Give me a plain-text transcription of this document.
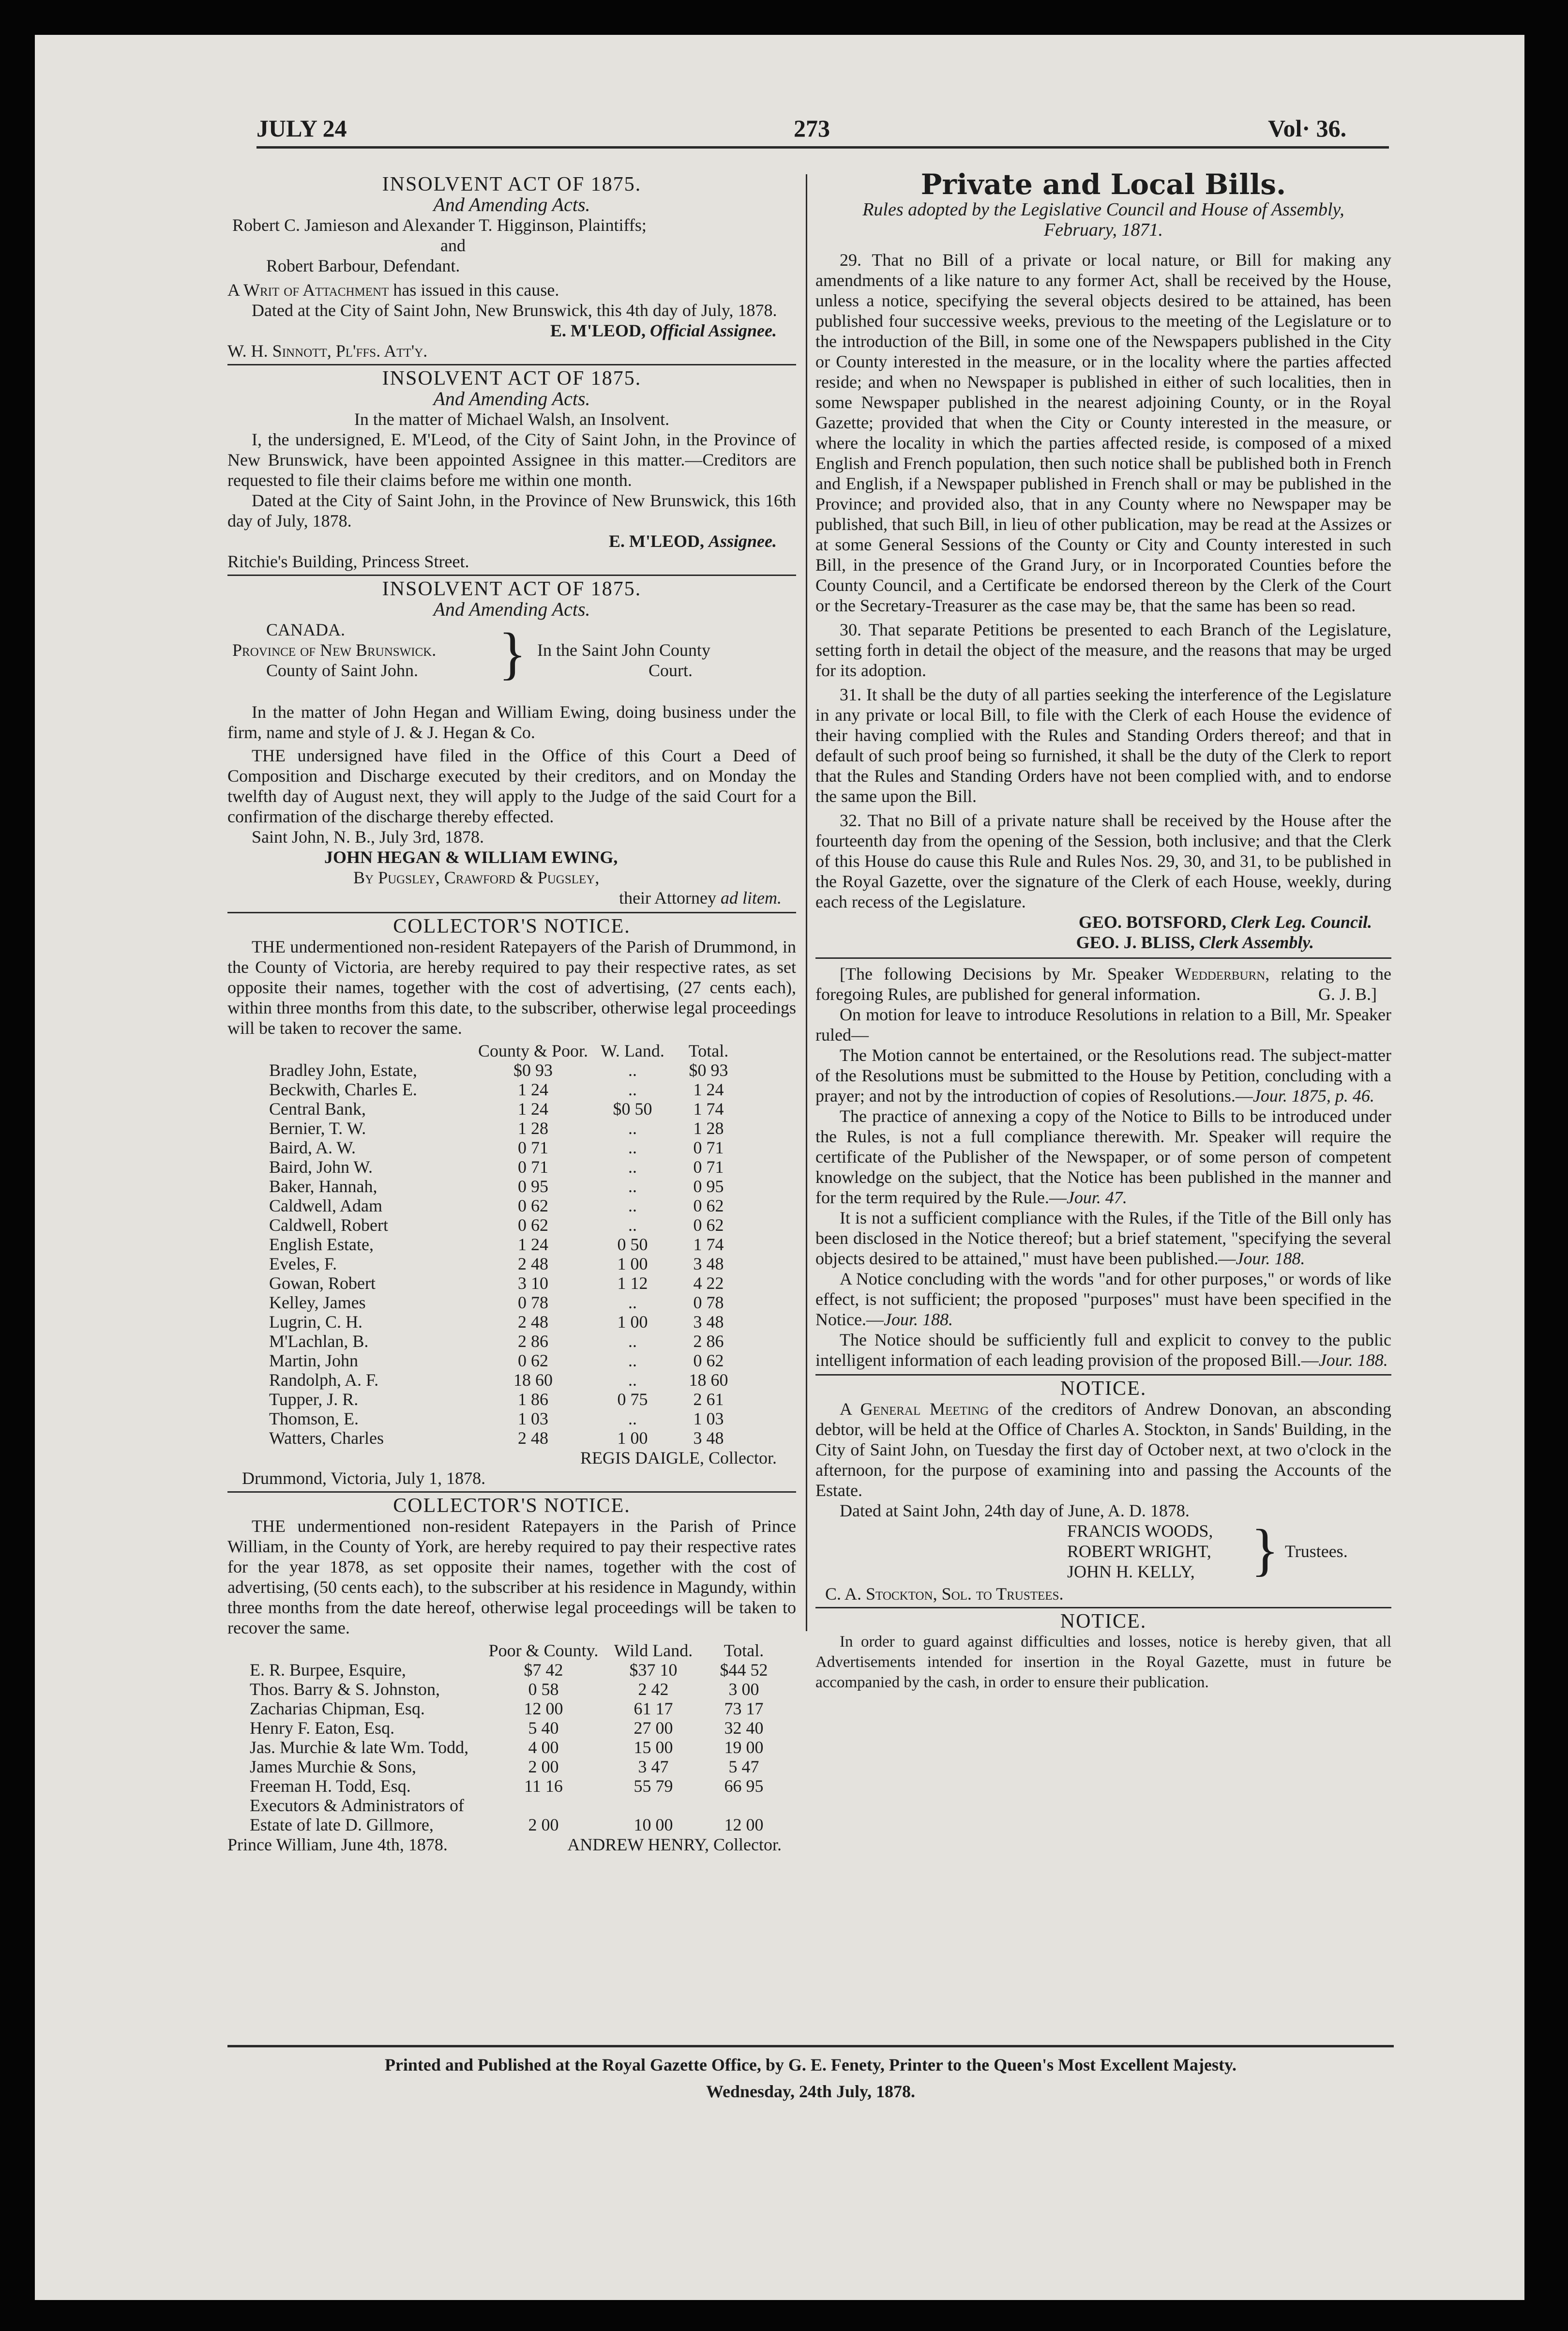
JULY 24	273	Vol· 36.
INSOLVENT ACT OF 1875.
And Amending Acts.

Robert C. Jamieson and Alexander T. Higginson, Plaintiffs;

and

Robert Barbour, Defendant.

A Writ of Attachment has issued in this cause.

Dated at the City of Saint John, New Brunswick, this 4th day of July, 1878.

E. M'LEOD, Official Assignee.

W. H. Sinnott, Pl'ffs. Att'y.

INSOLVENT ACT OF 1875.
And Amending Acts.

In the matter of Michael Walsh, an Insolvent.

I, the undersigned, E. M'Leod, of the City of Saint John, in the Province of New Brunswick, have been appointed Assignee in this matter.—Creditors are requested to file their claims before me within one month.

Dated at the City of Saint John, in the Province of New Brunswick, this 16th day of July, 1878.

E. M'LEOD, Assignee.

Ritchie's Building, Princess Street.

INSOLVENT ACT OF 1875.
And Amending Acts.
CANADA.
Province of New Brunswick.
County of Saint John. } In the Saint John County
Court.

In the matter of John Hegan and William Ewing, doing business under the firm, name and style of J. & J. Hegan & Co.

THE undersigned have filed in the Office of this Court a Deed of Composition and Discharge executed by their creditors, and on Monday the twelfth day of August next, they will apply to the Judge of the said Court for a confirmation of the discharge thereby effected.

Saint John, N. B., July 3rd, 1878.

JOHN HEGAN & WILLIAM EWING,

By Pugsley, Crawford & Pugsley,

their Attorney ad litem.

COLLECTOR'S NOTICE.

THE undermentioned non-resident Ratepayers of the Parish of Drummond, in the County of Victoria, are hereby required to pay their respective rates, as set opposite their names, together with the cost of advertising, (27 cents each), within three months from this date, to the subscriber, otherwise legal proceedings will be taken to recover the same.

	County & Poor.	W. Land.	Total.
Bradley John, Estate,	$0 93	..	$0 93
Beckwith, Charles E.	1 24	..	1 24
Central Bank,	1 24	$0 50	1 74
Bernier, T. W.	1 28	..	1 28
Baird, A. W.	0 71	..	0 71
Baird, John W.	0 71	..	0 71
Baker, Hannah,	0 95	..	0 95
Caldwell, Adam	0 62	..	0 62
Caldwell, Robert	0 62	..	0 62
English Estate,	1 24	0 50	1 74
Eveles, F.	2 48	1 00	3 48
Gowan, Robert	3 10	1 12	4 22
Kelley, James	0 78	..	0 78
Lugrin, C. H.	2 48	1 00	3 48
M'Lachlan, B.	2 86	..	2 86
Martin, John	0 62	..	0 62
Randolph, A. F.	18 60	..	18 60
Tupper, J. R.	1 86	0 75	2 61
Thomson, E.	1 03	..	1 03
Watters, Charles	2 48	1 00	3 48

REGIS DAIGLE, Collector.

Drummond, Victoria, July 1, 1878.

COLLECTOR'S NOTICE.

THE undermentioned non-resident Ratepayers in the Parish of Prince William, in the County of York, are hereby required to pay their respective rates for the year 1878, as set opposite their names, together with the cost of advertising, (50 cents each), to the subscriber at his residence in Magundy, within three months from the date hereof, otherwise legal proceedings will be taken to recover the same.

	Poor & County.	Wild Land.	Total.
E. R. Burpee, Esquire,	$7 42	$37 10	$44 52
Thos. Barry & S. Johnston,	0 58	2 42	3 00
Zacharias Chipman, Esq.	12 00	61 17	73 17
Henry F. Eaton, Esq.	5 40	27 00	32 40
Jas. Murchie & late Wm. Todd,	4 00	15 00	19 00
James Murchie & Sons,	2 00	3 47	5 47
Freeman H. Todd, Esq.	11 16	55 79	66 95
Executors & Administrators of			
Estate of late D. Gillmore,	2 00	10 00	12 00

ANDREW HENRY, Collector.

Prince William, June 4th, 1878.

Private and Local Bills.

Rules adopted by the Legislative Council and House of Assembly, February, 1871.

29. That no Bill of a private or local nature, or Bill for making any amendments of a like nature to any former Act, shall be received by the House, unless a notice, specifying the several objects desired to be attained, has been published four successive weeks, previous to the meeting of the Legislature or to the introduction of the Bill, in some one of the Newspapers published in the City or County interested in the measure, or in the locality where the parties affected reside; and when no Newspaper is published in either of such localities, then in some Newspaper published in the nearest adjoining County, or in the Royal Gazette; provided that when the City or County interested in the measure, or where the locality in which the parties affected reside, is composed of a mixed English and French population, then such notice shall be published both in French and English, if a Newspaper published in French shall or may be published in the Province; and provided also, that in any County where no Newspaper may be published, that such Bill, in lieu of other publication, may be read at the Assizes or at some General Sessions of the County or City and County interested in such Bill, in the presence of the Grand Jury, or in Incorporated Counties before the County Council, and a Certificate be endorsed thereon by the Clerk of the Court or the Secretary-Treasurer as the case may be, that the same has been so read.

30. That separate Petitions be presented to each Branch of the Legislature, setting forth in detail the object of the measure, and the reasons that may be urged for its adoption.

31. It shall be the duty of all parties seeking the interference of the Legislature in any private or local Bill, to file with the Clerk of each House the evidence of their having complied with the Rules and Standing Orders thereof; and that in default of such proof being so furnished, it shall be the duty of the Clerk to report that the Rules and Standing Orders have not been complied with, and to endorse the same upon the Bill.

32. That no Bill of a private nature shall be received by the House after the fourteenth day from the opening of the Session, both inclusive; and that the Clerk of this House do cause this Rule and Rules Nos. 29, 30, and 31, to be published in the Royal Gazette, over the signature of the Clerk of each House, weekly, during each recess of the Legislature.

GEO. BOTSFORD, Clerk Leg. Council.

GEO. J. BLISS, Clerk Assembly.

[The following Decisions by Mr. Speaker Wedderburn, relating to the foregoing Rules, are published for general information.	G. J. B.]

On motion for leave to introduce Resolutions in relation to a Bill, Mr. Speaker ruled—

The Motion cannot be entertained, or the Resolutions read. The subject-matter of the Resolutions must be submitted to the House by Petition, concluding with a prayer; and not by the introduction of copies of Resolutions.—Jour. 1875, p. 46.

The practice of annexing a copy of the Notice to Bills to be introduced under the Rules, is not a full compliance therewith. Mr. Speaker will require the certificate of the Publisher of the Newspaper, or of some person of competent knowledge on the subject, that the Notice has been published in the manner and for the term required by the Rule.—Jour. 47.

It is not a sufficient compliance with the Rules, if the Title of the Bill only has been disclosed in the Notice thereof; but a brief statement, "specifying the several objects desired to be attained," must have been published.—Jour. 188.

A Notice concluding with the words "and for other purposes," or words of like effect, is not sufficient; the proposed "purposes" must have been specified in the Notice.—Jour. 188.

The Notice should be sufficiently full and explicit to convey to the public intelligent information of each leading provision of the proposed Bill.—Jour. 188.

NOTICE.

A General Meeting of the creditors of Andrew Donovan, an absconding debtor, will be held at the Office of Charles A. Stockton, in Sands' Building, in the City of Saint John, on Tuesday the first day of October next, at two o'clock in the afternoon, for the purpose of examining into and passing the Accounts of the Estate.

Dated at Saint John, 24th day of June, A. D. 1878.

FRANCIS WOODS,
ROBERT WRIGHT,
JOHN H. KELLY, } Trustees.

C. A. Stockton, Sol. to Trustees.

NOTICE.

In order to guard against difficulties and losses, notice is hereby given, that all Advertisements intended for insertion in the Royal Gazette, must in future be accompanied by the cash, in order to ensure their publication.

Printed and Published at the Royal Gazette Office, by G. E. Fenety, Printer to the Queen's Most Excellent Majesty.
Wednesday, 24th July, 1878.
